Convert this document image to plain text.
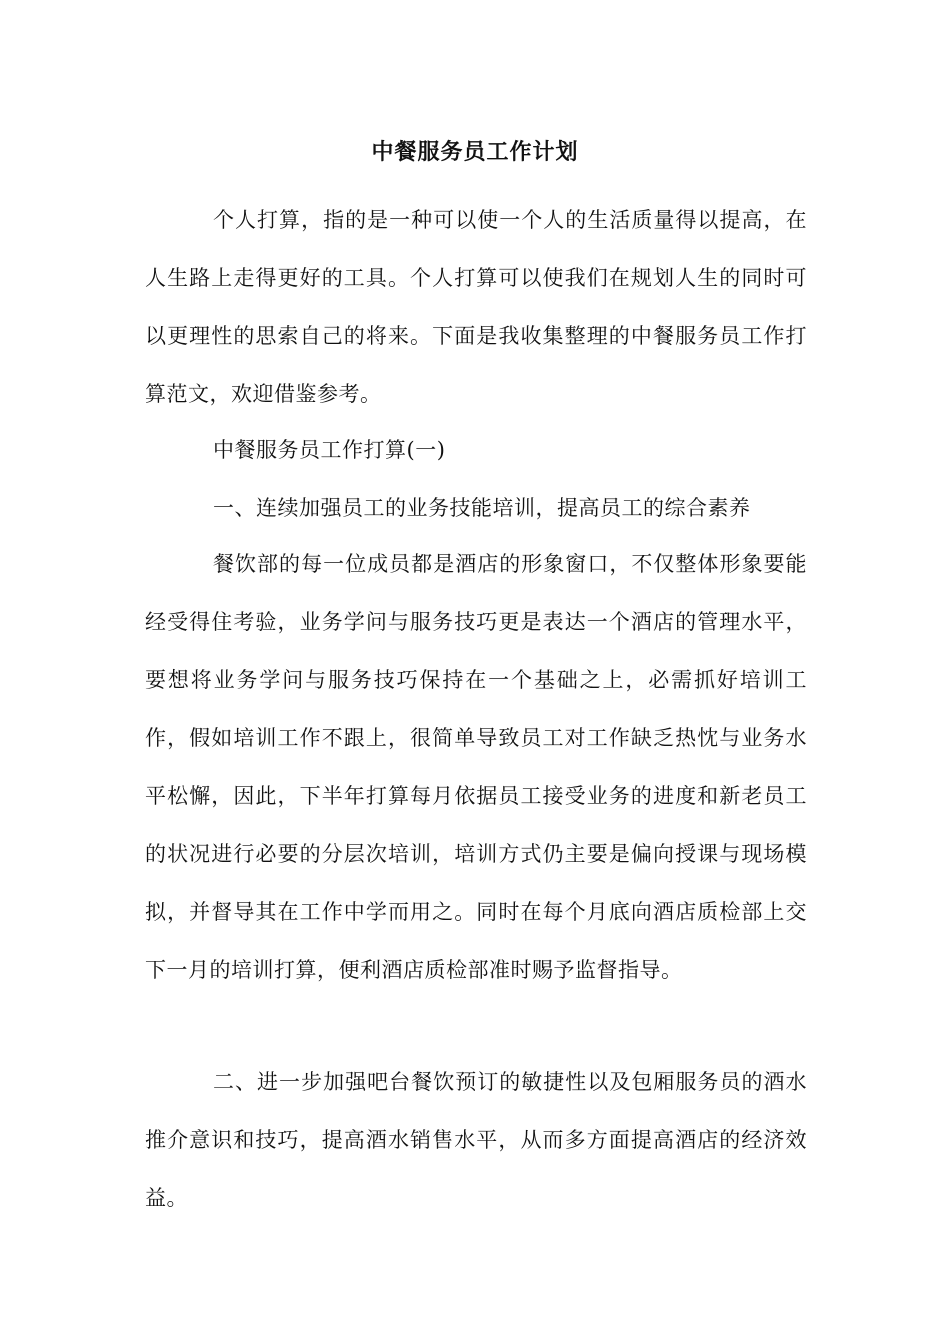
中餐服务员工作计划

个人打算，指的是一种可以使一个人的生活质量得以提高，在人生路上走得更好的工具。个人打算可以使我们在规划人生的同时可以更理性的思索自己的将来。下面是我收集整理的中餐服务员工作打算范文，欢迎借鉴参考。

中餐服务员工作打算(一)

一、连续加强员工的业务技能培训，提高员工的综合素养

餐饮部的每一位成员都是酒店的形象窗口，不仅整体形象要能经受得住考验，业务学问与服务技巧更是表达一个酒店的管理水平，要想将业务学问与服务技巧保持在一个基础之上，必需抓好培训工作，假如培训工作不跟上，很简单导致员工对工作缺乏热忱与业务水平松懈，因此，下半年打算每月依据员工接受业务的进度和新老员工的状况进行必要的分层次培训，培训方式仍主要是偏向授课与现场模拟，并督导其在工作中学而用之。同时在每个月底向酒店质检部上交下一月的培训打算，便利酒店质检部准时赐予监督指导。

二、进一步加强吧台餐饮预订的敏捷性以及包厢服务员的酒水推介意识和技巧，提高酒水销售水平，从而多方面提高酒店的经济效益。
